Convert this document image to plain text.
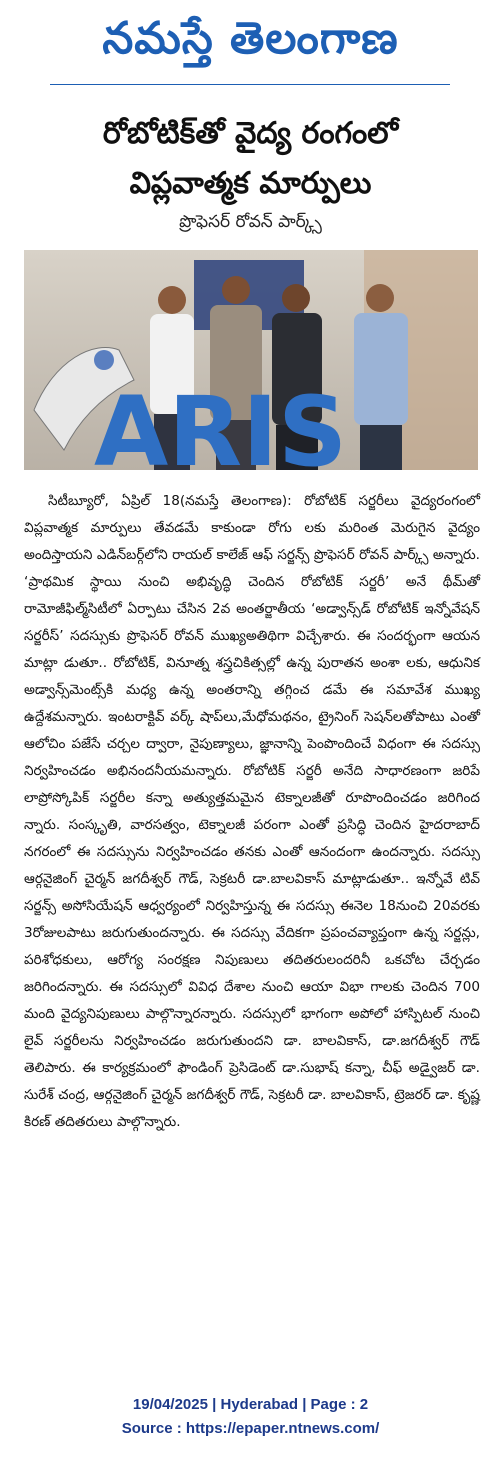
నమస్తే తెలంగాణ
రోబోటిక్‌తో వైద్య రంగంలో
విప్లవాత్మక మార్పులు
ప్రొఫెసర్ రోవన్ పార్క్స్
ARIS

సిటీబ్యూరో, ఏప్రిల్ 18(నమస్తే తెలంగాణ): రోబోటిక్ సర్జరీలు వైద్యరంగంలో విప్లవాత్మక మార్పులు తేవడమే కాకుండా రోగు లకు మరింత మెరుగైన వైద్యం అందిస్తాయని ఎడిన్‌బర్గ్‌లోని రాయల్ కాలేజ్ ఆఫ్ సర్జన్స్ ప్రొఫెసర్ రోవన్ పార్క్స్ అన్నారు. ‘ప్రాథమిక స్థాయి నుంచి అభివృద్ధి చెందిన రోబోటిక్ సర్జరీ’ అనే థీమ్‌తో రామోజీఫిల్మ్‌సిటీలో ఏర్పాటు చేసిన 2వ అంతర్జాతీయ ‘అడ్వాన్స్‌డ్ రోబోటిక్ ఇన్నోవేషన్ సర్జరీస్’ సదస్సుకు ప్రొఫెసర్ రోవన్ ముఖ్యఅతిథిగా విచ్చేశారు. ఈ సందర్భంగా ఆయన మాట్లా డుతూ.. రోబోటిక్, వినూత్న శస్త్రచికిత్సల్లో ఉన్న పురాతన అంశా లకు, ఆధునిక అడ్వాన్స్‌మెంట్స్‌కి మధ్య ఉన్న అంతరాన్ని తగ్గించ డమే ఈ సమావేశ ముఖ్య ఉద్దేశమన్నారు. ఇంటరాక్టివ్ వర్క్ షాప్‌లు,మేధోమథనం, ట్రైనింగ్ సెషన్‌లతోపాటు ఎంతో ఆలోచిం పజేసే చర్చల ద్వారా, నైపుణ్యాలు, జ్ఞానాన్ని పెంపొందించే విధంగా ఈ సదస్సు నిర్వహించడం అభినందనీయమన్నారు. రోబోటిక్ సర్జరీ అనేది సాధారణంగా జరిపే లాప్రోస్కోపిక్ సర్జరీల కన్నా అత్యుత్తమమైన టెక్నాలజీతో రూపొందించడం జరిగింద న్నారు. సంస్కృతి, వారసత్వం, టెక్నాలజీ పరంగా ఎంతో ప్రసిద్ధి చెందిన హైదరాబాద్ నగరంలో ఈ సదస్సును నిర్వహించడం తనకు ఎంతో ఆనందంగా ఉందన్నారు. సదస్సు ఆర్గనైజింగ్ చైర్మన్ జగదీశ్వర్ గౌడ్, సెక్రటరీ డా.బాలవికాస్ మాట్లాడుతూ.. ఇన్నోవే టివ్ సర్జన్స్ అసోసియేషన్ ఆధ్వర్యంలో నిర్వహిస్తున్న ఈ సదస్సు ఈనెల 18నుంచి 20వరకు 3రోజులపాటు జరుగుతుందన్నారు. ఈ సదస్సు వేదికగా ప్రపంచవ్యాప్తంగా ఉన్న సర్జన్లు, పరిశోధకులు, ఆరోగ్య సంరక్షణ నిపుణులు తదితరులందరినీ ఒకచోట చేర్చడం జరిగిందన్నారు. ఈ సదస్సులో వివిధ దేశాల నుంచి ఆయా విభా గాలకు చెందిన 700 మంది వైద్యనిపుణులు పాల్గొన్నారన్నారు. సదస్సులో భాగంగా అపోలో హాస్పిటల్ నుంచి లైవ్ సర్జరీలను నిర్వహించడం జరుగుతుందని డా. బాలవికాస్, డా.జగదీశ్వర్ గౌడ్ తెలిపారు. ఈ కార్యక్రమంలో ఫౌండింగ్ ప్రెసిడెంట్ డా.సుభాష్ కన్నా, చీఫ్ అడ్వైజర్ డా. సురేశ్ చంద్ర, ఆర్గనైజింగ్ చైర్మన్ జగదీశ్వర్ గౌడ్, సెక్రటరీ డా. బాలవికాస్, ట్రెజరర్ డా. కృష్ణ కిరణ్ తదితరులు పాల్గొన్నారు.

19/04/2025 | Hyderabad | Page : 2
Source : https://epaper.ntnews.com/
